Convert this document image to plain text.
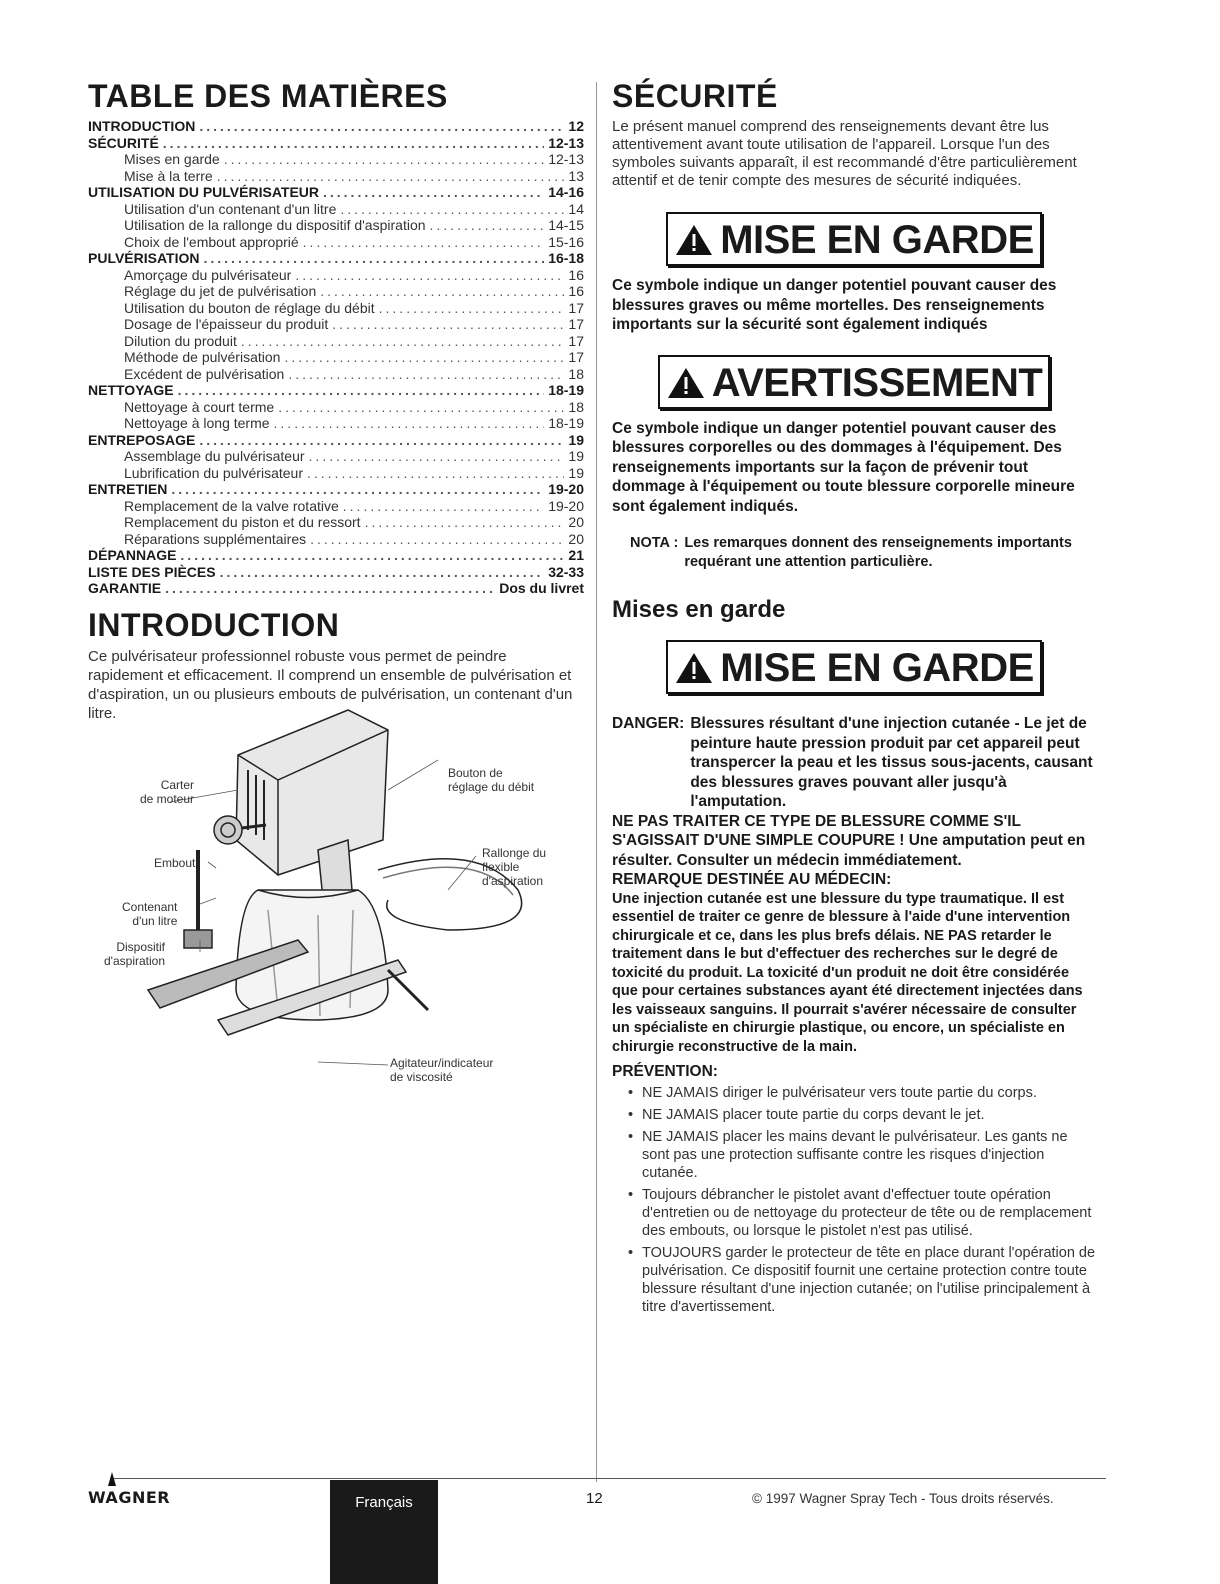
TABLE DES MATIÈRES
INTRODUCTION .....	12
SÉCURITÉ .....	12-13
Mises en garde .....	12-13
Mise à la terre .....	13
UTILISATION DU PULVÉRISATEUR .....	14-16
Utilisation d'un contenant d'un litre .....	14
Utilisation de la rallonge du dispositif d'aspiration .....	14-15
Choix de l'embout approprié .....	15-16
PULVÉRISATION .....	16-18
Amorçage du pulvérisateur .....	16
Réglage du jet de pulvérisation .....	16
Utilisation du bouton de réglage du débit .....	17
Dosage de l'épaisseur du produit .....	17
Dilution du produit .....	17
Méthode de pulvérisation .....	17
Excédent de pulvérisation .....	18
NETTOYAGE .....	18-19
Nettoyage à court terme .....	18
Nettoyage à long terme .....	18-19
ENTREPOSAGE .....	19
Assemblage du pulvérisateur .....	19
Lubrification du pulvérisateur .....	19
ENTRETIEN .....	19-20
Remplacement de la valve rotative .....	19-20
Remplacement du piston et du ressort .....	20
Réparations supplémentaires .....	20
DÉPANNAGE .....	21
LISTE DES PIÈCES .....	32-33
GARANTIE .....	Dos du livret
INTRODUCTION

Ce pulvérisateur professionnel robuste vous permet de peindre rapidement et efficacement. Il comprend un ensemble de pulvérisation et d'aspiration, un ou plusieurs embouts de pulvérisation, un contenant d'un litre.

Carter
de moteur
Embout
Contenant
d'un litre
Dispositif
d'aspiration
Bouton de
réglage du débit
Rallonge du
flexible
d'aspiration
Agitateur/indicateur
de viscosité
SÉCURITÉ

Le présent manuel comprend des renseignements devant être lus attentivement avant toute utilisation de l'appareil. Lorsque l'un des symboles suivants apparaît, il est recommandé d'être particulièrement attentif et de tenir compte des mesures de sécurité indiquées.

MISE EN GARDE

Ce symbole indique un danger potentiel pouvant causer des blessures graves ou même mortelles. Des renseignements importants sur la sécurité sont également indiqués

AVERTISSEMENT

Ce symbole indique un danger potentiel pouvant causer des blessures corporelles ou des dommages à l'équipement. Des renseignements importants sur la façon de prévenir tout dommage à l'équipement ou toute blessure corporelle mineure sont également indiqués.

NOTA : Les remarques donnent des renseignements importants requérant une attention particulière.
Mises en garde
MISE EN GARDE
DANGER: Blessures résultant d'une injection cutanée - Le jet de peinture haute pression produit par cet appareil peut transpercer la peau et les tissus sous-jacents, causant des blessures graves pouvant aller jusqu'à l'amputation.

NE PAS TRAITER CE TYPE DE BLESSURE COMME S'IL S'AGISSAIT D'UNE SIMPLE COUPURE ! Une amputation peut en résulter. Consulter un médecin immédiatement.

REMARQUE DESTINÉE AU MÉDECIN:

Une injection cutanée est une blessure du type traumatique. Il est essentiel de traiter ce genre de blessure à l'aide d'une intervention chirurgicale et ce, dans les plus brefs délais. NE PAS retarder le traitement dans le but d'effectuer des recherches sur le degré de toxicité du produit. La toxicité d'un produit ne doit être considérée que pour certaines substances ayant été directement injectées dans les vaisseaux sanguins. Il pourrait s'avérer nécessaire de consulter un spécialiste en chirurgie plastique, ou encore, un spécialiste en chirurgie reconstructive de la main.

PRÉVENTION:

• NE JAMAIS diriger le pulvérisateur vers toute partie du corps.
• NE JAMAIS placer toute partie du corps devant le jet.
• NE JAMAIS placer les mains devant le pulvérisateur. Les gants ne sont pas une protection suffisante contre les risques d'injection cutanée.
• Toujours débrancher le pistolet avant d'effectuer toute opération d'entretien ou de nettoyage du protecteur de tête ou de remplacement des embouts, ou lorsque le pistolet n'est pas utilisé.
• TOUJOURS garder le protecteur de tête en place durant l'opération de pulvérisation. Ce dispositif fournit une certaine protection contre toute blessure résultant d'une injection cutanée; on l'utilise principalement à titre d'avertissement.
WAGNER	Français	12	© 1997 Wagner Spray Tech - Tous droits réservés.
